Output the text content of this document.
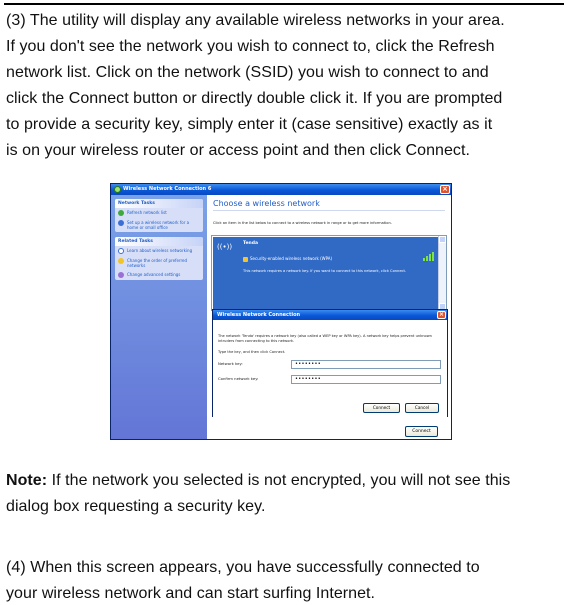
(3) The utility will display any available wireless networks in your area.
If you don't see the network you wish to connect to, click the Refresh
network list. Click on the network (SSID) you wish to connect to and
click the Connect button or directly double click it. If you are prompted
to provide a security key, simply enter it (case sensitive) exactly as it
is on your wireless router or access point and then click Connect.
Wireless Network Connection 6	×
Network Tasks
Refresh network list
Set up a wireless network for a home or small office
Related Tasks
Learn about wireless networking
Change the order of preferred networks
Change advanced settings
Choose a wireless network
Click an item in the list below to connect to a wireless network in range or to get more information.
((•)) Tenda
Security-enabled wireless network (WPA)
This network requires a network key. If you want to connect to this network, click Connect.
Connect
Wireless Network Connection	×
The network 'Tenda' requires a network key (also called a WEP key or WPA key). A network key helps prevent unknown intruders from connecting to this network.
Type the key, and then click Connect.
Network key:	••••••••
Confirm network key:	••••••••
Connect	Cancel
Note: If the network you selected is not encrypted, you will not see this
dialog box requesting a security key.
(4) When this screen appears, you have successfully connected to
your wireless network and can start surfing Internet.
